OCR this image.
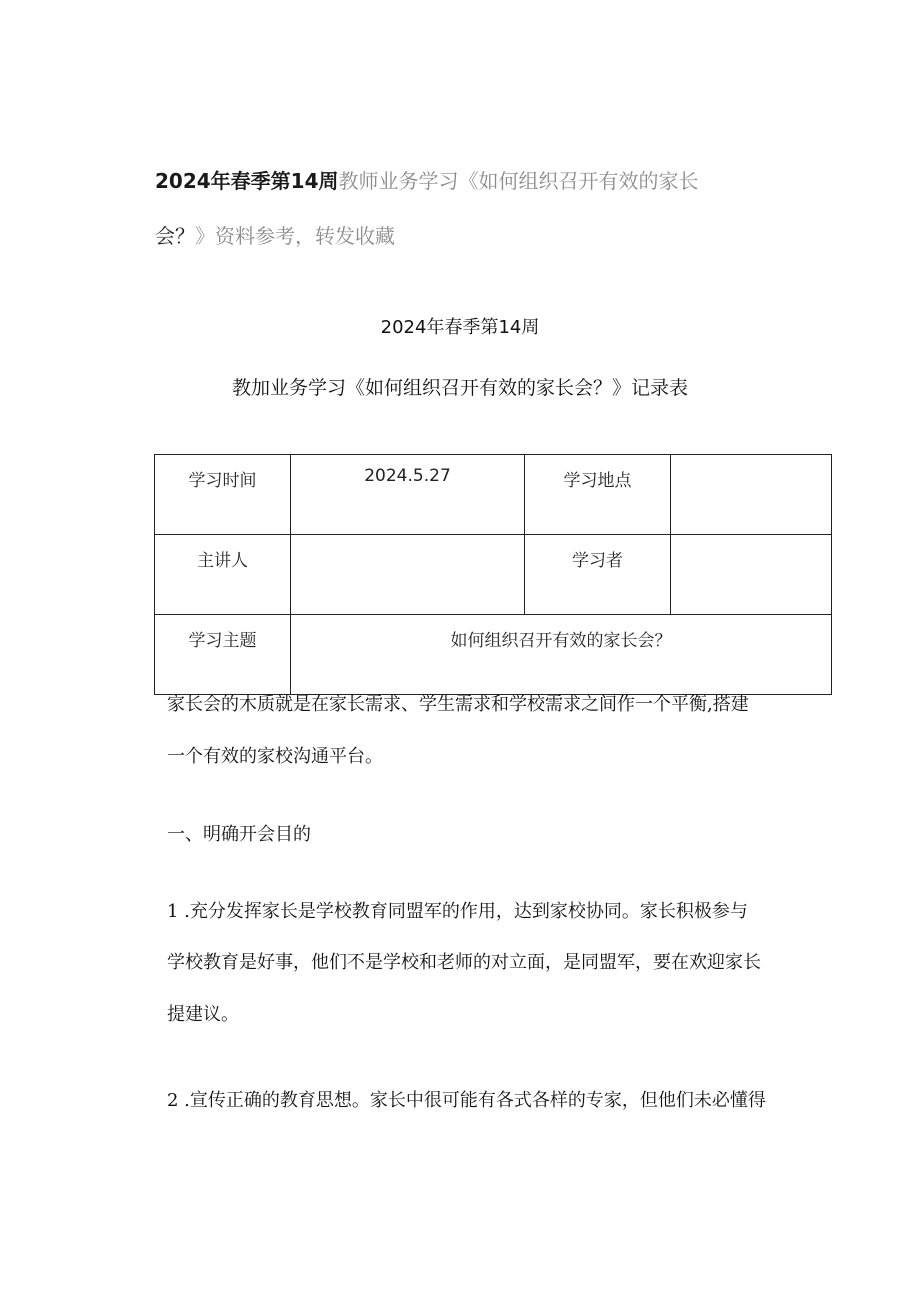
2024年春季第14周教师业务学习《如何组织召开有效的家长
会？》资料参考，转发收藏
2024年春季第14周
教加业务学习《如何组织召开有效的家长会？》记录表
学习时间	2024.5.27	学习地点	
主讲人		学习者	
学习主题	如何组织召开有效的家长会？		
家长会的木质就是在家长需求、学生需求和学校需求之间作一个平衡,搭建
一个有效的家校沟通平台。
一、明确开会目的
1 .充分发挥家长是学校教育同盟军的作用，达到家校协同。家长积极参与
学校教育是好事，他们不是学校和老师的对立面，是同盟军，要在欢迎家长
提建议。
2 .宣传正确的教育思想。家长中很可能有各式各样的专家，但他们未必懂得
